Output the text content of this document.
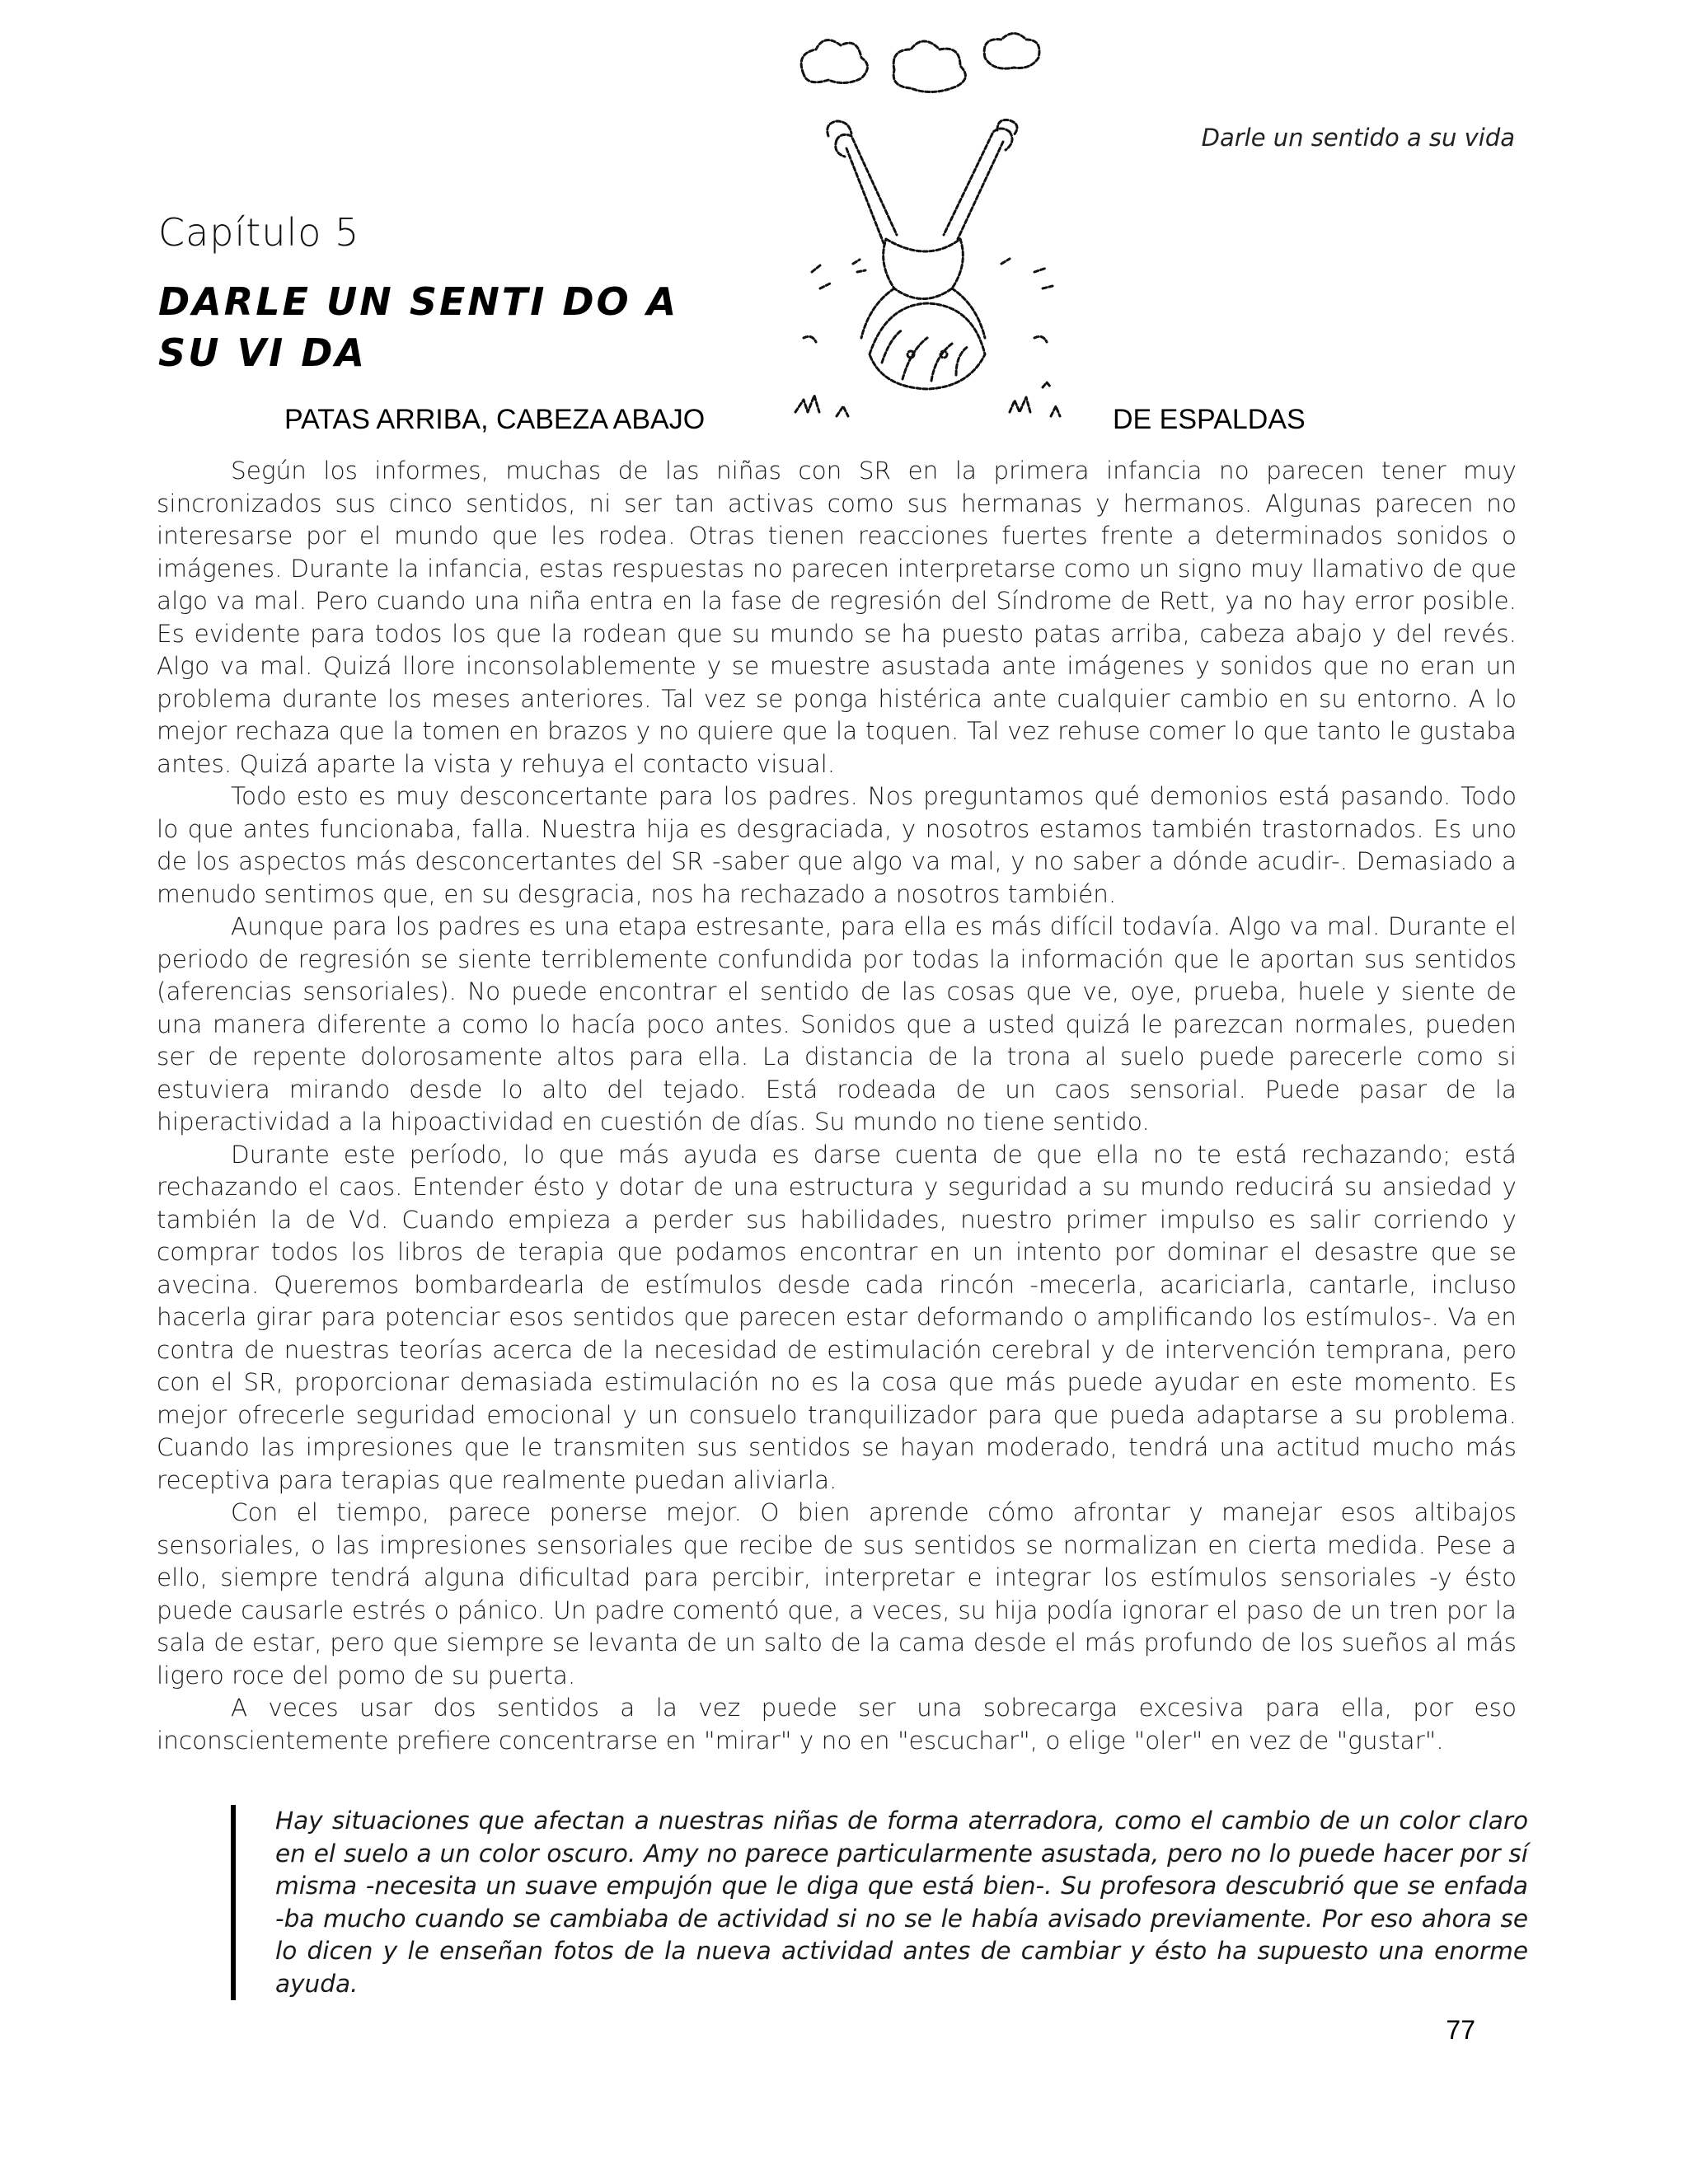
Darle un sentido a su vida
Capítulo 5
DARLE UN SENTI DO A
SU VI DA
PATAS ARRIBA, CABEZA ABAJO	DE ESPALDAS

Según los informes, muchas de las niñas con SR en la primera infancia no parecen tener muy sincronizados sus cinco sentidos, ni ser tan activas como sus hermanas y hermanos. Algunas parecen no interesarse por el mundo que les rodea. Otras tienen reacciones fuertes frente a determinados sonidos o imágenes. Durante la infancia, estas respuestas no parecen interpretarse como un signo muy llamativo de que algo va mal. Pero cuando una niña entra en la fase de regresión del Síndrome de Rett, ya no hay error posible. Es evidente para todos los que la rodean que su mundo se ha puesto patas arriba, cabeza abajo y del revés. Algo va mal. Quizá llore inconsolablemente y se muestre asustada ante imágenes y sonidos que no eran un problema durante los meses anteriores. Tal vez se ponga histérica ante cualquier cambio en su entorno. A lo mejor rechaza que la tomen en brazos y no quiere que la toquen. Tal vez rehuse comer lo que tanto le gustaba antes. Quizá aparte la vista y rehuya el contacto visual.

Todo esto es muy desconcertante para los padres. Nos preguntamos qué demonios está pasando. Todo lo que antes funcionaba, falla. Nuestra hija es desgraciada, y nosotros estamos también trastornados. Es uno de los aspectos más desconcertantes del SR -saber que algo va mal, y no saber a dónde acudir-. Demasiado a menudo sentimos que, en su desgracia, nos ha rechazado a nosotros también.

Aunque para los padres es una etapa estresante, para ella es más difícil todavía. Algo va mal. Durante el periodo de regresión se siente terriblemente confundida por todas la información que le aportan sus sentidos (aferencias sensoriales). No puede encontrar el sentido de las cosas que ve, oye, prueba, huele y siente de una manera diferente a como lo hacía poco antes. Sonidos que a usted quizá le parezcan normales, pueden ser de repente dolorosamente altos para ella. La distancia de la trona al suelo puede parecerle como si estuviera mirando desde lo alto del tejado. Está rodeada de un caos sensorial. Puede pasar de la hiperactividad a la hipoactividad en cuestión de días. Su mundo no tiene sentido.

Durante este período, lo que más ayuda es darse cuenta de que ella no te está rechazando; está rechazando el caos. Entender ésto y dotar de una estructura y seguridad a su mundo reducirá su ansiedad y también la de Vd. Cuando empieza a perder sus habilidades, nuestro primer impulso es salir corriendo y comprar todos los libros de terapia que podamos encontrar en un intento por dominar el desastre que se avecina. Queremos bombardearla de estímulos desde cada rincón -mecerla, acariciarla, cantarle, incluso hacerla girar para potenciar esos sentidos que parecen estar deformando o amplificando los estímulos-. Va en contra de nuestras teorías acerca de la necesidad de estimulación cerebral y de intervención temprana, pero con el SR, proporcionar demasiada estimulación no es la cosa que más puede ayudar en este momento. Es mejor ofrecerle seguridad emocional y un consuelo tranquilizador para que pueda adaptarse a su problema. Cuando las impresiones que le transmiten sus sentidos se hayan moderado, tendrá una actitud mucho más receptiva para terapias que realmente puedan aliviarla.

Con el tiempo, parece ponerse mejor. O bien aprende cómo afrontar y manejar esos altibajos sensoriales, o las impresiones sensoriales que recibe de sus sentidos se normalizan en cierta medida. Pese a ello, siempre tendrá alguna dificultad para percibir, interpretar e integrar los estímulos sensoriales -y ésto puede causarle estrés o pánico. Un padre comentó que, a veces, su hija podía ignorar el paso de un tren por la sala de estar, pero que siempre se levanta de un salto de la cama desde el más profundo de los sueños al más ligero roce del pomo de su puerta.

A veces usar dos sentidos a la vez puede ser una sobrecarga excesiva para ella, por eso inconscientemente prefiere concentrarse en "mirar" y no en "escuchar", o elige "oler" en vez de "gustar".

Hay situaciones que afectan a nuestras niñas de forma aterradora, como el cambio de un color claro en el suelo a un color oscuro. Amy no parece particularmente asustada, pero no lo puede hacer por sí misma -necesita un suave empujón que le diga que está bien-. Su profesora descubrió que se enfada -ba mucho cuando se cambiaba de actividad si no se le había avisado previamente. Por eso ahora se lo dicen y le enseñan fotos de la nueva actividad antes de cambiar y ésto ha supuesto una enorme ayuda.
77
